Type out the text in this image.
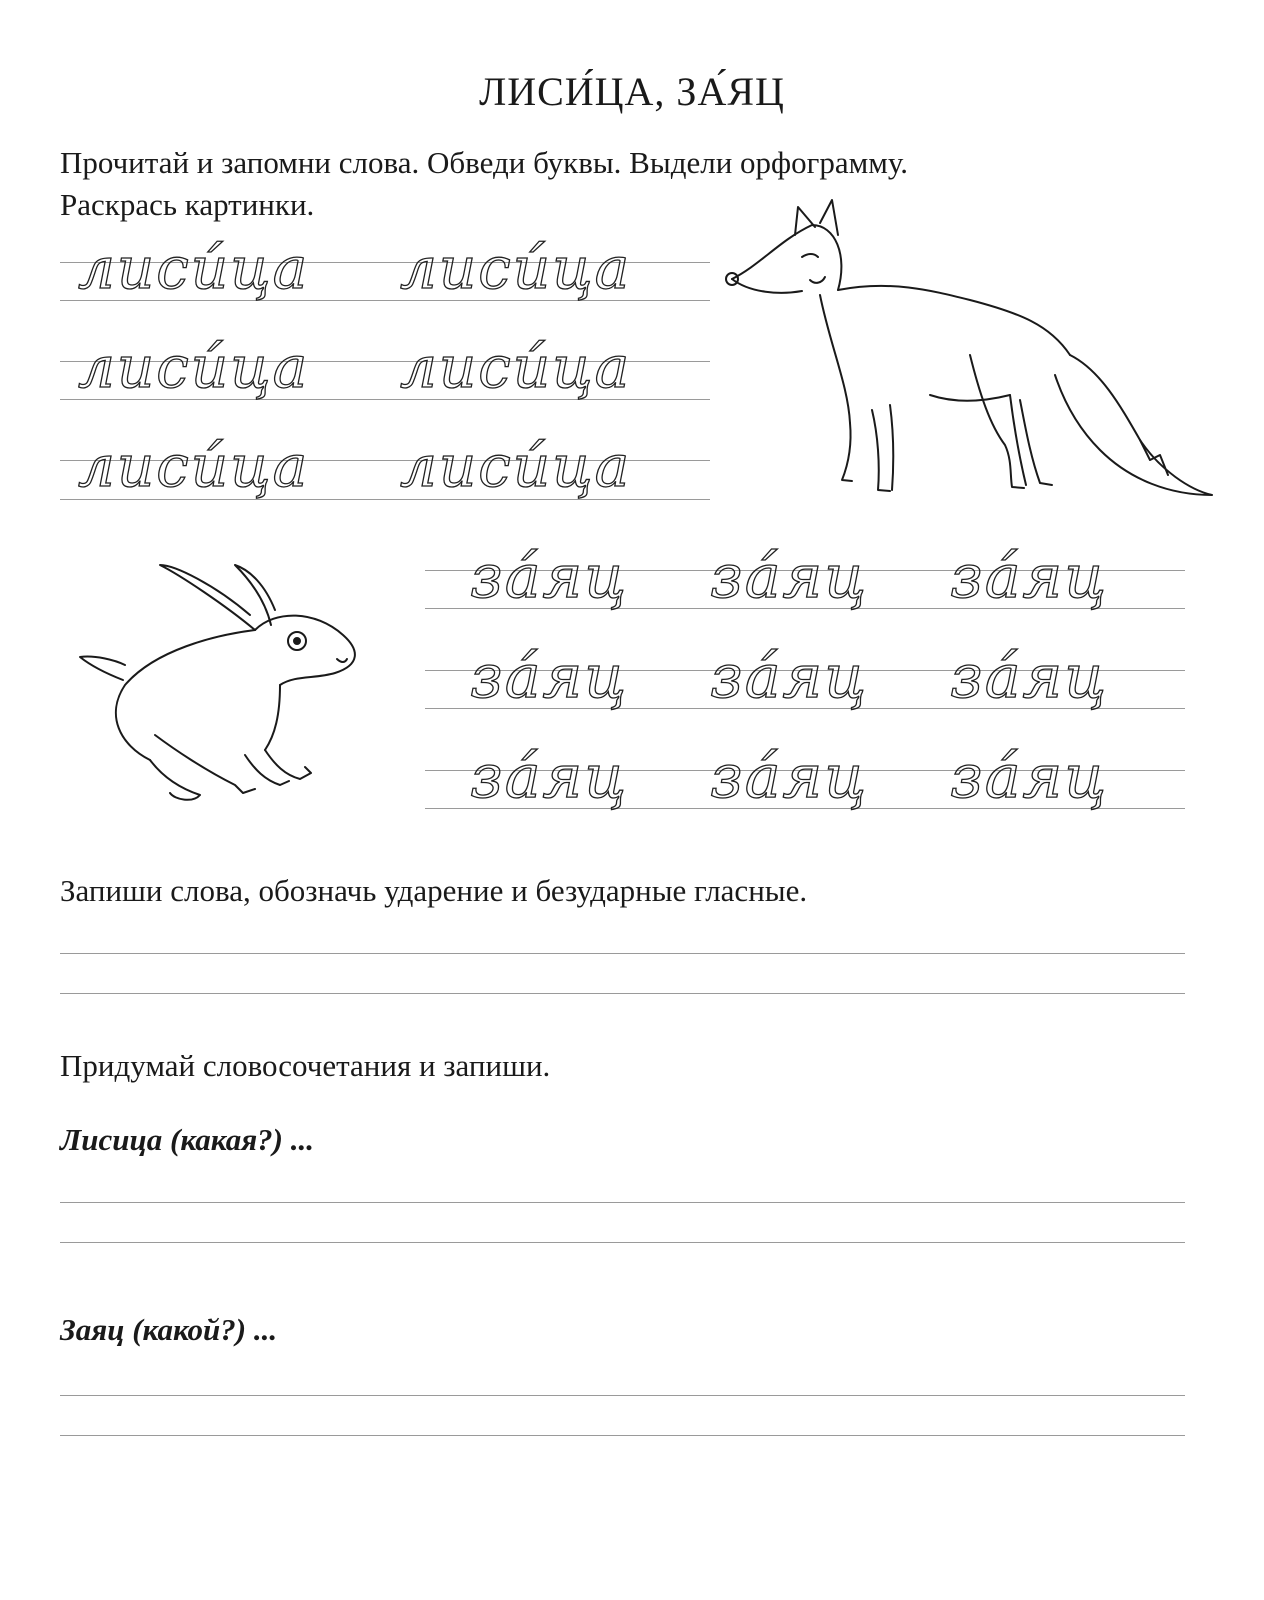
ЛИСИ́ЦА, ЗА́ЯЦ
Прочитай и запомни слова. Обведи буквы. Выдели орфограмму.
Раскрась картинки.
лиси́ца лиси́ца
лиси́ца лиси́ца
лиси́ца лиси́ца
за́яц за́яц за́яц
за́яц за́яц за́яц
за́яц за́яц за́яц
Запиши слова, обозначь ударение и безударные гласные.
Придумай словосочетания и запиши.
Лисица (какая?) ...
Заяц (какой?) ...
